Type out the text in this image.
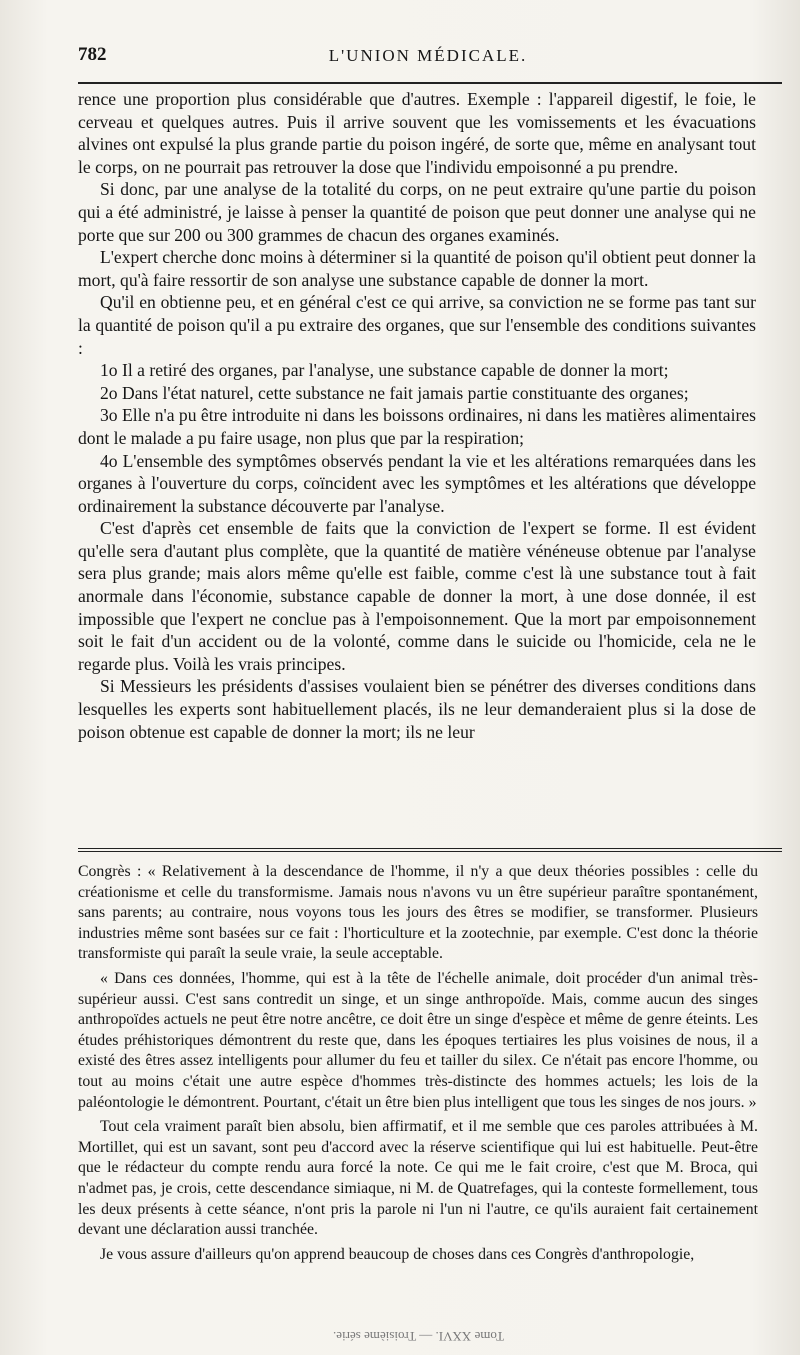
782	L'UNION MÉDICALE.

rence une proportion plus considérable que d'autres. Exemple : l'appareil digestif, le foie, le cerveau et quelques autres. Puis il arrive souvent que les vomissements et les évacuations alvines ont expulsé la plus grande partie du poison ingéré, de sorte que, même en analysant tout le corps, on ne pourrait pas retrouver la dose que l'individu empoisonné a pu prendre.

Si donc, par une analyse de la totalité du corps, on ne peut extraire qu'une partie du poison qui a été administré, je laisse à penser la quantité de poison que peut donner une analyse qui ne porte que sur 200 ou 300 grammes de chacun des organes examinés.

L'expert cherche donc moins à déterminer si la quantité de poison qu'il obtient peut donner la mort, qu'à faire ressortir de son analyse une substance capable de donner la mort.

Qu'il en obtienne peu, et en général c'est ce qui arrive, sa conviction ne se forme pas tant sur la quantité de poison qu'il a pu extraire des organes, que sur l'ensemble des conditions suivantes :

1o Il a retiré des organes, par l'analyse, une substance capable de donner la mort;

2o Dans l'état naturel, cette substance ne fait jamais partie constituante des organes;

3o Elle n'a pu être introduite ni dans les boissons ordinaires, ni dans les matières alimentaires dont le malade a pu faire usage, non plus que par la respiration;

4o L'ensemble des symptômes observés pendant la vie et les altérations remarquées dans les organes à l'ouverture du corps, coïncident avec les symptômes et les altérations que développe ordinairement la substance découverte par l'analyse.

C'est d'après cet ensemble de faits que la conviction de l'expert se forme. Il est évident qu'elle sera d'autant plus complète, que la quantité de matière vénéneuse obtenue par l'analyse sera plus grande; mais alors même qu'elle est faible, comme c'est là une substance tout à fait anormale dans l'économie, substance capable de donner la mort, à une dose donnée, il est impossible que l'expert ne conclue pas à l'empoisonnement. Que la mort par empoisonnement soit le fait d'un accident ou de la volonté, comme dans le suicide ou l'homicide, cela ne le regarde plus. Voilà les vrais principes.

Si Messieurs les présidents d'assises voulaient bien se pénétrer des diverses conditions dans lesquelles les experts sont habituellement placés, ils ne leur demanderaient plus si la dose de poison obtenue est capable de donner la mort; ils ne leur

Congrès : « Relativement à la descendance de l'homme, il n'y a que deux théories possibles : celle du créationisme et celle du transformisme. Jamais nous n'avons vu un être supérieur paraître spontanément, sans parents; au contraire, nous voyons tous les jours des êtres se modifier, se transformer. Plusieurs industries même sont basées sur ce fait : l'horticulture et la zootechnie, par exemple. C'est donc la théorie transformiste qui paraît la seule vraie, la seule acceptable.

« Dans ces données, l'homme, qui est à la tête de l'échelle animale, doit procéder d'un animal très-supérieur aussi. C'est sans contredit un singe, et un singe anthropoïde. Mais, comme aucun des singes anthropoïdes actuels ne peut être notre ancêtre, ce doit être un singe d'espèce et même de genre éteints. Les études préhistoriques démontrent du reste que, dans les époques tertiaires les plus voisines de nous, il a existé des êtres assez intelligents pour allumer du feu et tailler du silex. Ce n'était pas encore l'homme, ou tout au moins c'était une autre espèce d'hommes très-distincte des hommes actuels; les lois de la paléontologie le démontrent. Pourtant, c'était un être bien plus intelligent que tous les singes de nos jours. »

Tout cela vraiment paraît bien absolu, bien affirmatif, et il me semble que ces paroles attribuées à M. Mortillet, qui est un savant, sont peu d'accord avec la réserve scientifique qui lui est habituelle. Peut-être que le rédacteur du compte rendu aura forcé la note. Ce qui me le fait croire, c'est que M. Broca, qui n'admet pas, je crois, cette descendance simiaque, ni M. de Quatrefages, qui la conteste formellement, tous les deux présents à cette séance, n'ont pris la parole ni l'un ni l'autre, ce qu'ils auraient fait certainement devant une déclaration aussi tranchée.

Je vous assure d'ailleurs qu'on apprend beaucoup de choses dans ces Congrès d'anthropologie,

Tome XXVI. — Troisième série.
